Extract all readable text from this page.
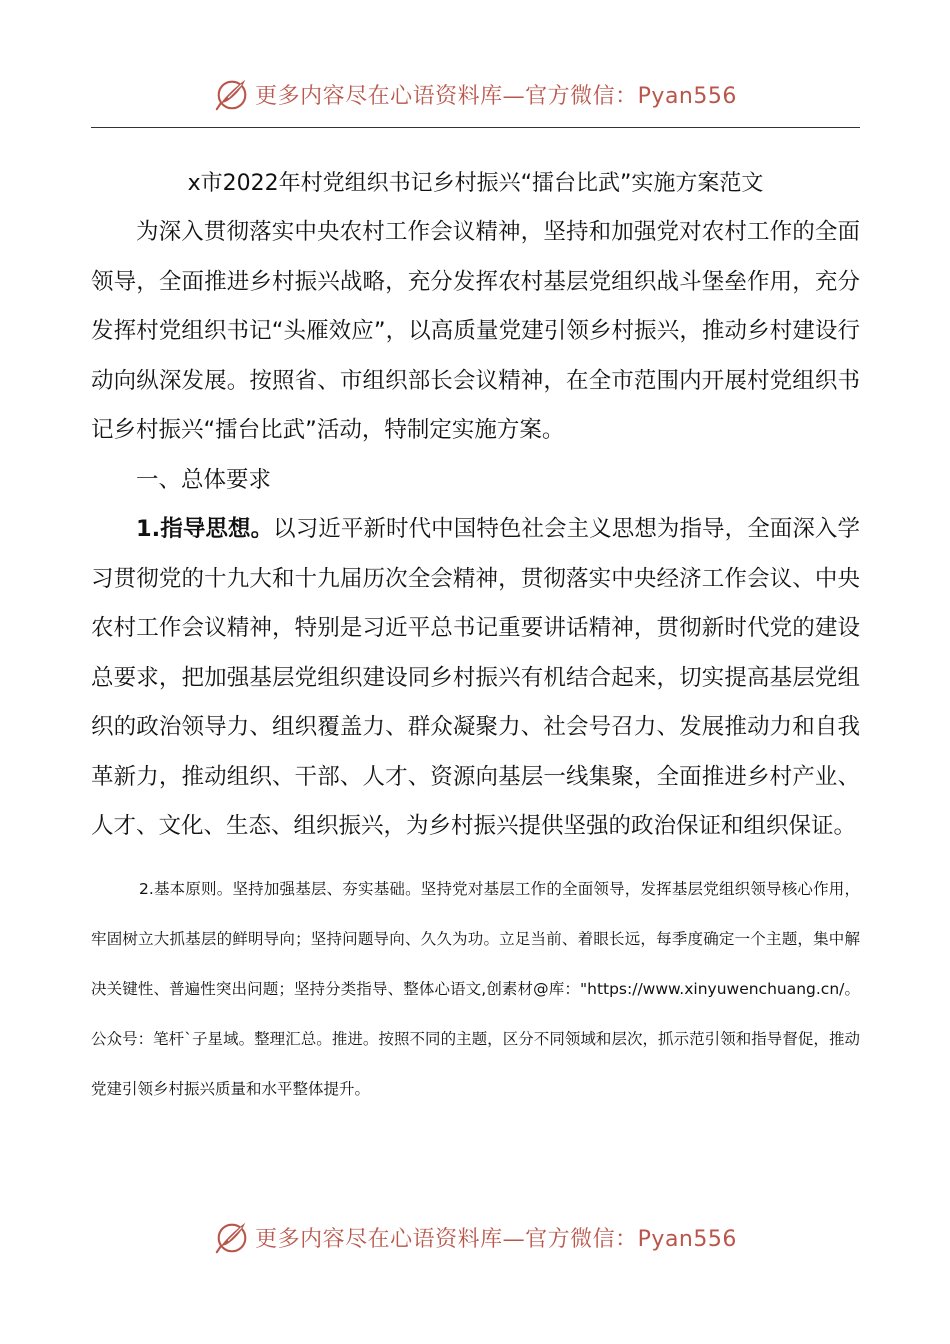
更多内容尽在心语资料库—官方微信：Pyan556
x市2022年村党组织书记乡村振兴“擂台比武”实施方案范文

为深入贯彻落实中央农村工作会议精神，坚持和加强党对农村工作的全面领导，全面推进乡村振兴战略，充分发挥农村基层党组织战斗堡垒作用，充分发挥村党组织书记“头雁效应”，以高质量党建引领乡村振兴，推动乡村建设行动向纵深发展。按照省、市组织部长会议精神，在全市范围内开展村党组织书记乡村振兴“擂台比武”活动，特制定实施方案。

一、总体要求

1.指导思想。以习近平新时代中国特色社会主义思想为指导，全面深入学习贯彻党的十九大和十九届历次全会精神，贯彻落实中央经济工作会议、中央农村工作会议精神，特别是习近平总书记重要讲话精神，贯彻新时代党的建设总要求，把加强基层党组织建设同乡村振兴有机结合起来，切实提高基层党组织的政治领导力、组织覆盖力、群众凝聚力、社会号召力、发展推动力和自我革新力，推动组织、干部、人才、资源向基层一线集聚，全面推进乡村产业、人才、文化、生态、组织振兴，为乡村振兴提供坚强的政治保证和组织保证。

2.基本原则。坚持加强基层、夯实基础。坚持党对基层工作的全面领导，发挥基层党组织领导核心作用，牢固树立大抓基层的鲜明导向；坚持问题导向、久久为功。立足当前、着眼长远，每季度确定一个主题，集中解决关键性、普遍性突出问题；坚持分类指导、整体心语文,创素材@库："https://www.xinyuwenchuang.cn/。公众号：笔杆`子星域。整理汇总。推进。按照不同的主题，区分不同领域和层次，抓示范引领和指导督促，推动党建引领乡村振兴质量和水平整体提升。

更多内容尽在心语资料库—官方微信：Pyan556
